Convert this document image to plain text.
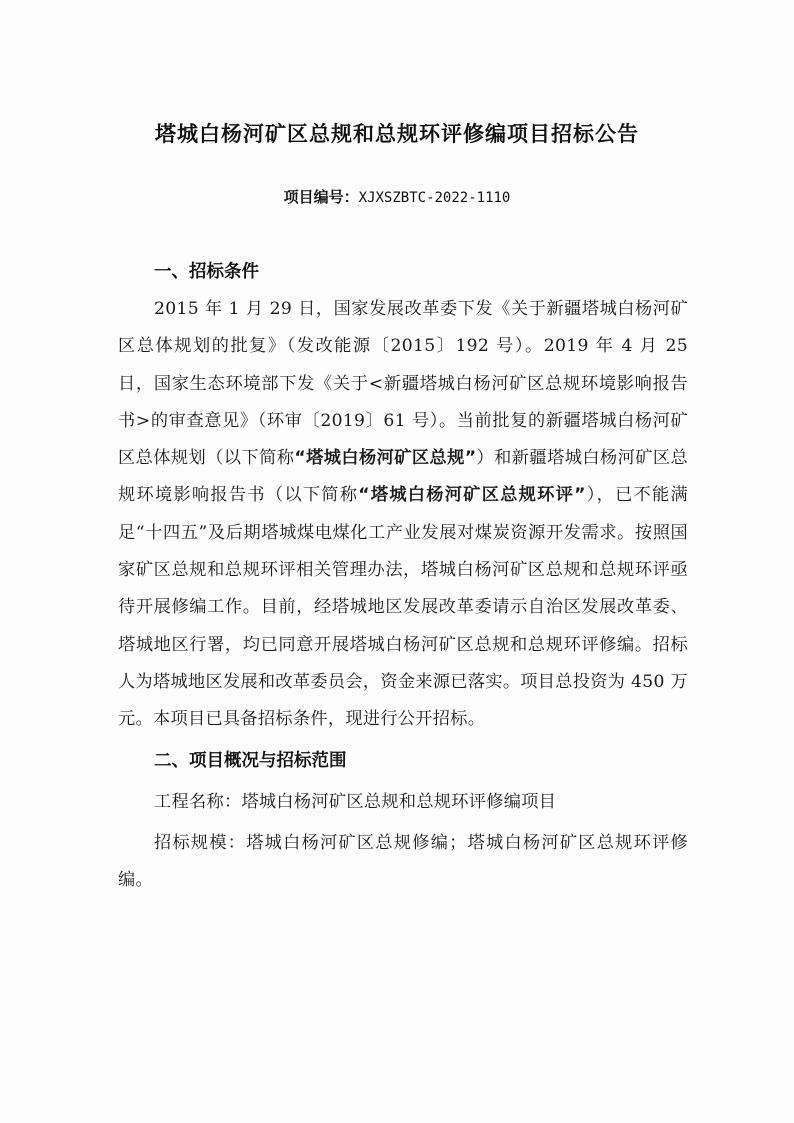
塔城白杨河矿区总规和总规环评修编项目招标公告
项目编号：XJXSZBTC-2022-1110
一、招标条件
2015 年 1 月 29 日，国家发展改革委下发《关于新疆塔城白杨河矿区总体规划的批复》（发改能源〔2015〕192 号）。2019 年 4 月 25 日，国家生态环境部下发《关于<新疆塔城白杨河矿区总规环境影响报告书>的审查意见》（环审〔2019〕61 号）。当前批复的新疆塔城白杨河矿区总体规划（以下简称“塔城白杨河矿区总规”）和新疆塔城白杨河矿区总规环境影响报告书（以下简称“塔城白杨河矿区总规环评”），已不能满足“十四五”及后期塔城煤电煤化工产业发展对煤炭资源开发需求。按照国家矿区总规和总规环评相关管理办法，塔城白杨河矿区总规和总规环评亟待开展修编工作。目前，经塔城地区发展改革委请示自治区发展改革委、塔城地区行署，均已同意开展塔城白杨河矿区总规和总规环评修编。招标人为塔城地区发展和改革委员会，资金来源已落实。项目总投资为 450 万元。本项目已具备招标条件，现进行公开招标。
二、项目概况与招标范围
工程名称：塔城白杨河矿区总规和总规环评修编项目
招标规模：塔城白杨河矿区总规修编；塔城白杨河矿区总规环评修编。
